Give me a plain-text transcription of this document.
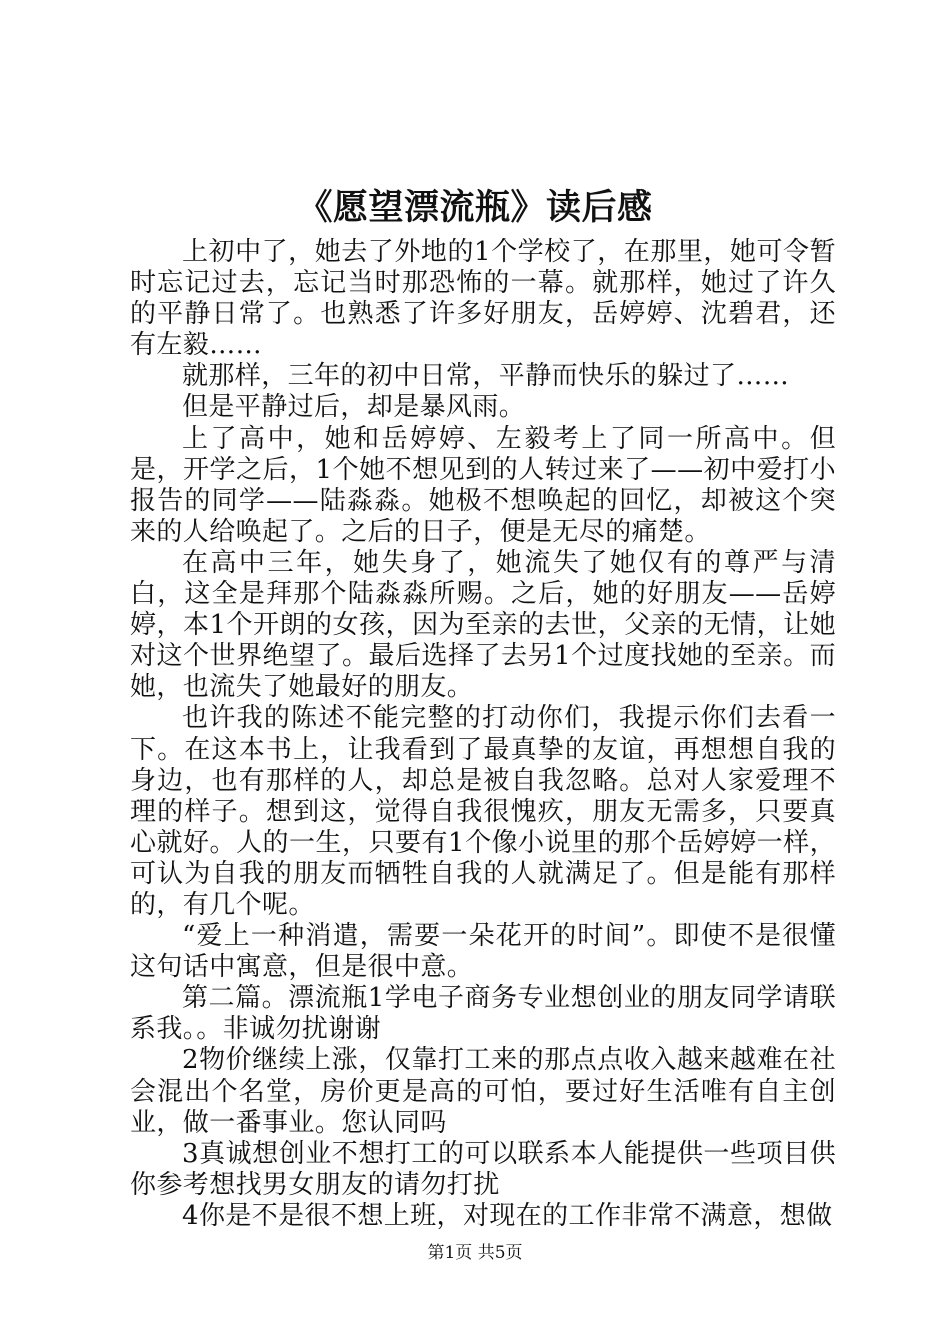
《愿望漂流瓶》读后感

上初中了，她去了外地的1个学校了，在那里，她可令暂时忘记过去，忘记当时那恐怖的一幕。就那样，她过了许久的平静日常了。也熟悉了许多好朋友，岳婷婷、沈碧君，还有左毅……

就那样，三年的初中日常，平静而快乐的躲过了……

但是平静过后，却是暴风雨。

上了高中，她和岳婷婷、左毅考上了同一所高中。但是，开学之后，1个她不想见到的人转过来了——初中爱打小报告的同学——陆淼淼。她极不想唤起的回忆，却被这个突来的人给唤起了。之后的日子，便是无尽的痛楚。

在高中三年，她失身了，她流失了她仅有的尊严与清白，这全是拜那个陆淼淼所赐。之后，她的好朋友——岳婷婷，本1个开朗的女孩，因为至亲的去世，父亲的无情，让她对这个世界绝望了。最后选择了去另1个过度找她的至亲。而她，也流失了她最好的朋友。

也许我的陈述不能完整的打动你们，我提示你们去看一下。在这本书上，让我看到了最真挚的友谊，再想想自我的身边，也有那样的人，却总是被自我忽略。总对人家爱理不理的样子。想到这，觉得自我很愧疚，朋友无需多，只要真心就好。人的一生，只要有1个像小说里的那个岳婷婷一样，可认为自我的朋友而牺牲自我的人就满足了。但是能有那样的，有几个呢。

“爱上一种消遣，需要一朵花开的时间”。即使不是很懂这句话中寓意，但是很中意。

第二篇。漂流瓶1学电子商务专业想创业的朋友同学请联系我。。非诚勿扰谢谢

2物价继续上涨，仅靠打工来的那点点收入越来越难在社会混出个名堂，房价更是高的可怕，要过好生活唯有自主创业，做一番事业。您认同吗

3真诚想创业不想打工的可以联系本人能提供一些项目供你参考想找男女朋友的请勿打扰

4你是不是很不想上班，对现在的工作非常不满意，想做

第1页 共5页
